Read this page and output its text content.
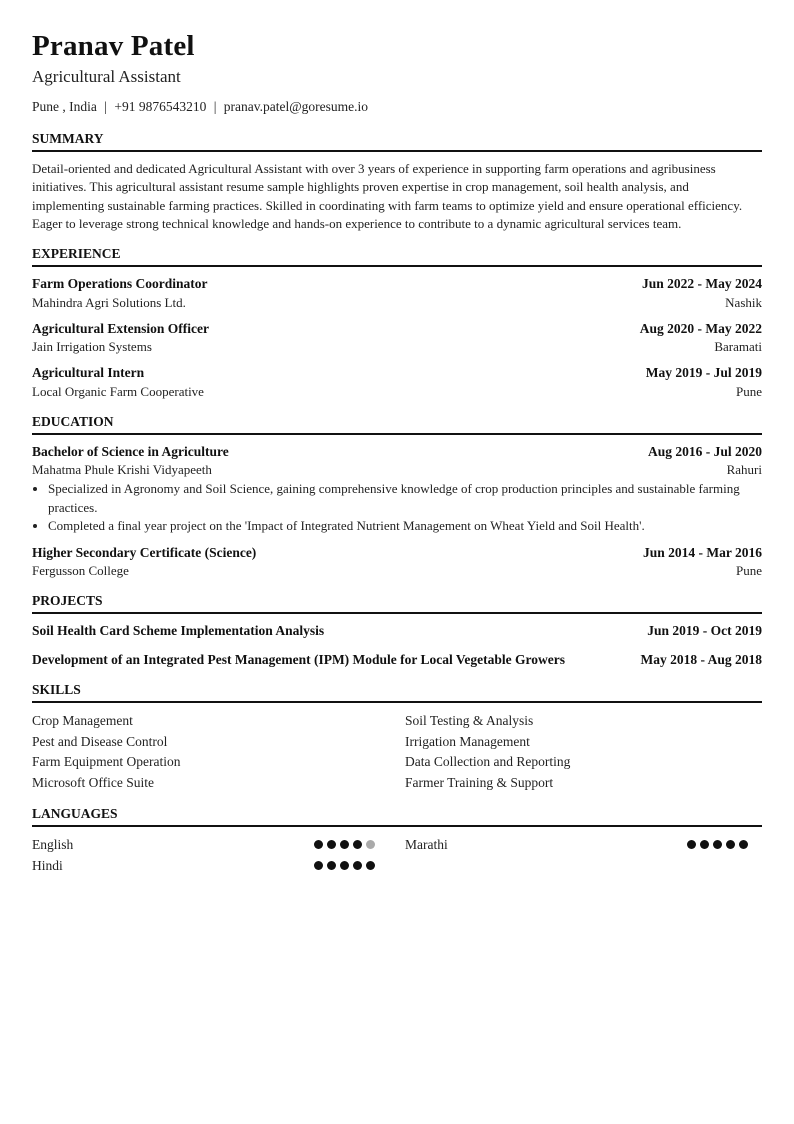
Pranav Patel
Agricultural Assistant
Pune , India | +91 9876543210 | pranav.patel@goresume.io
SUMMARY
Detail-oriented and dedicated Agricultural Assistant with over 3 years of experience in supporting farm operations and agribusiness initiatives. This agricultural assistant resume sample highlights proven expertise in crop management, soil health analysis, and implementing sustainable farming practices. Skilled in coordinating with farm teams to optimize yield and ensure operational efficiency. Eager to leverage strong technical knowledge and hands-on experience to contribute to a dynamic agricultural services team.
EXPERIENCE
Farm Operations Coordinator	Jun 2022 - May 2024
Mahindra Agri Solutions Ltd.	Nashik
Agricultural Extension Officer	Aug 2020 - May 2022
Jain Irrigation Systems	Baramati
Agricultural Intern	May 2019 - Jul 2019
Local Organic Farm Cooperative	Pune
EDUCATION
Bachelor of Science in Agriculture	Aug 2016 - Jul 2020
Mahatma Phule Krishi Vidyapeeth	Rahuri
• Specialized in Agronomy and Soil Science, gaining comprehensive knowledge of crop production principles and sustainable farming practices.
• Completed a final year project on the 'Impact of Integrated Nutrient Management on Wheat Yield and Soil Health'.
Higher Secondary Certificate (Science)	Jun 2014 - Mar 2016
Fergusson College	Pune
PROJECTS
Soil Health Card Scheme Implementation Analysis	Jun 2019 - Oct 2019
Development of an Integrated Pest Management (IPM) Module for Local Vegetable Growers	May 2018 - Aug 2018
SKILLS
Crop Management	Soil Testing & Analysis
Pest and Disease Control	Irrigation Management
Farm Equipment Operation	Data Collection and Reporting
Microsoft Office Suite	Farmer Training & Support
LANGUAGES
English	Marathi
Hindi
